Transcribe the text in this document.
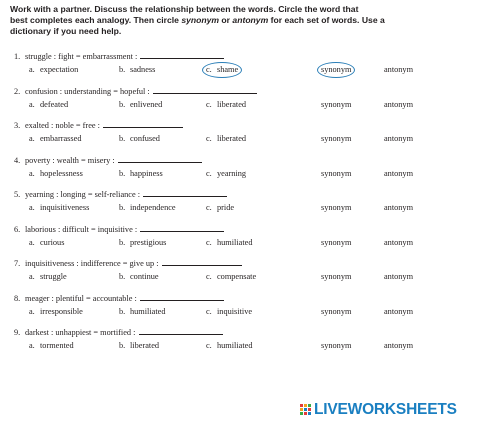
Work with a partner. Discuss the relationship between the words. Circle the word that

best completes each analogy. Then circle synonym or antonym for each set of words. Use a

dictionary if you need help.

1. struggle : fight = embarrassment :
a. expectation	b. sadness	c. shame	synonym	antonym
2. confusion : understanding = hopeful :
a. defeated	b. enlivened	c. liberated	synonym	antonym
3. exalted : noble = free :
a. embarrassed	b. confused	c. liberated	synonym	antonym
4. poverty : wealth = misery :
a. hopelessness	b. happiness	c. yearning	synonym	antonym
5. yearning : longing = self-reliance :
a. inquisitiveness	b. independence	c. pride	synonym	antonym
6. laborious : difficult = inquisitive :
a. curious	b. prestigious	c. humiliated	synonym	antonym
7. inquisitiveness : indifference = give up :
a. struggle	b. continue	c. compensate	synonym	antonym
8. meager : plentiful = accountable :
a. irresponsible	b. humiliated	c. inquisitive	synonym	antonym
9. darkest : unhappiest = mortified :
a. tormented	b. liberated	c. humiliated	synonym	antonym
LIVEWORKSHEETS
